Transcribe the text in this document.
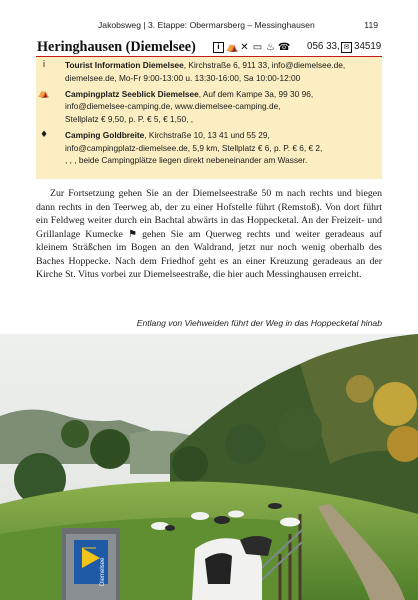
Jakobsweg | 3. Etappe: Obermarsberg – Messinghausen	119
Heringhausen (Diemelsee)	i ⛺ ✕ ▭ ♨ ☎ 056 33, ✉ 34519
i	Tourist Information Diemelsee, Kirchstraße 6, 911 33, info@diemelsee.de,
diemelsee.de, Mo-Fr 9:00-13:00 u. 13:30-16:00, Sa 10:00-12:00
⛺ Campingplatz Seeblick Diemelsee, Auf dem Kampe 3a, 99 30 96,
info@diemelsee-camping.de, www.diemelsee-camping.de,
Stellplatz € 9,50, p. P. € 5, € 1,50, ,
♦ Camping Goldbreite, Kirchstraße 10, 13 41 und 55 29,
info@campingplatz-diemelsee.de, 5,9 km, Stellplatz € 6, p. P. € 6, € 2,
, , , beide Campingplätze liegen direkt nebeneinander am Wasser.

Zur Fortsetzung gehen Sie an der Diemelseestraße 50 m nach rechts und biegen dann rechts in den Teerweg ab, der zu einer Hofstelle führt (Remstoß). Von dort führt ein Feldweg weiter durch ein Bachtal abwärts in das Hoppecketal. An der Freizeit- und Grillanlage Kumecke ⚑ gehen Sie am Querweg rechts und weiter geradeaus auf kleinem Sträßchen im Bogen an den Waldrand, jetzt nur noch wenig oberhalb des Baches Hoppecke. Nach dem Friedhof geht es an einer Kreuzung geradeaus an der Kirche St. Vitus vorbei zur Diemelseestraße, die hier auch Messinghausen erreicht.

Entlang von Viehweiden führt der Weg in das Hoppecketal hinab
Diemelsee
